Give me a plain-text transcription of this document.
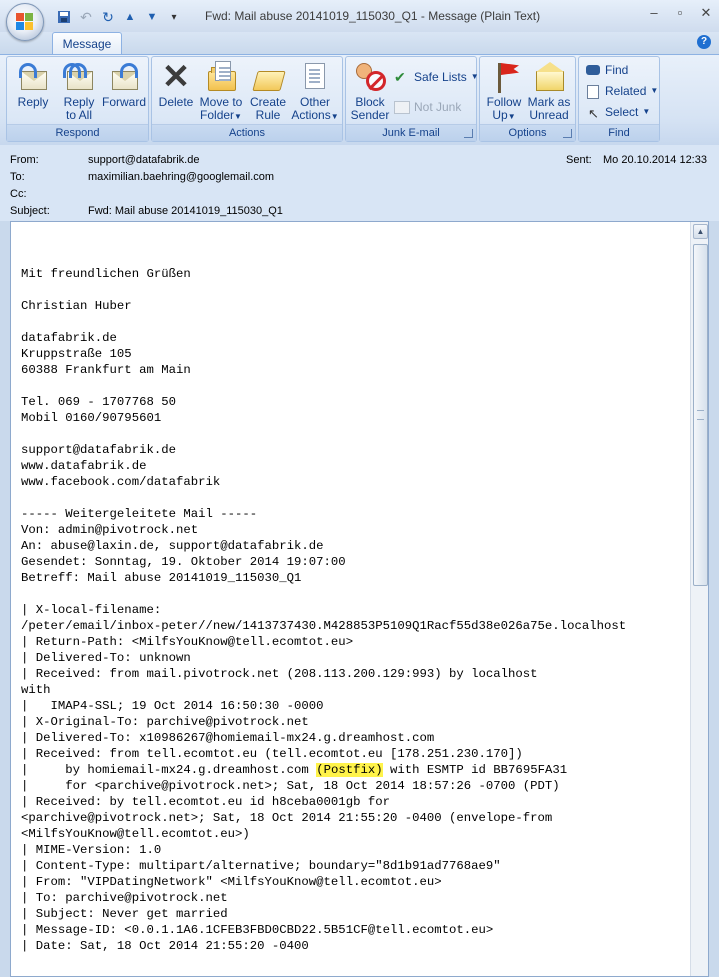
↶ ↻ ▲ ▼	▾	Fwd: Mail abuse 20141019_115030_Q1 - Message (Plain Text)	–	▫	✕
Message	?
Reply	Reply
to All
Forward
Respond
✕
Delete Move to
Folder▼
Create
Rule
Other
Actions▼
Actions
Block
Sender
✔ Safe Lists ▼
Not Junk
Junk E-mail
Follow
Up▼
Mark as
Unread
Options
Find
Related ▼
↖ Select ▼
Find
From:	support@datafabrik.de
To:	maximilian.baehring@googlemail.com
Cc:
Subject:	Fwd: Mail abuse 20141019_115030_Q1
Sent: Mo 20.10.2014 12:33
Mit freundlichen Grüßen

Christian Huber

datafabrik.de
Kruppstraße 105
60388 Frankfurt am Main

Tel. 069 - 1707768 50
Mobil 0160/90795601

support@datafabrik.de
www.datafabrik.de
www.facebook.com/datafabrik

----- Weitergeleitete Mail -----
Von: admin@pivotrock.net
An: abuse@laxin.de, support@datafabrik.de
Gesendet: Sonntag, 19. Oktober 2014 19:07:00
Betreff: Mail abuse 20141019_115030_Q1

| X-local-filename:
/peter/email/inbox-peter//new/1413737430.M428853P5109Q1Racf55d38e026a75e.localhost
| Return-Path: <MilfsYouKnow@tell.ecomtot.eu>
| Delivered-To: unknown
| Received: from mail.pivotrock.net (208.113.200.129:993) by localhost
with
|   IMAP4-SSL; 19 Oct 2014 16:50:30 -0000
| X-Original-To: parchive@pivotrock.net
| Delivered-To: x10986267@homiemail-mx24.g.dreamhost.com
| Received: from tell.ecomtot.eu (tell.ecomtot.eu [178.251.230.170])
|     by homiemail-mx24.g.dreamhost.com (Postfix) with ESMTP id BB7695FA31
|     for <parchive@pivotrock.net>; Sat, 18 Oct 2014 18:57:26 -0700 (PDT)
| Received: by tell.ecomtot.eu id h8ceba0001gb for
<parchive@pivotrock.net>; Sat, 18 Oct 2014 21:55:20 -0400 (envelope-from
<MilfsYouKnow@tell.ecomtot.eu>)
| MIME-Version: 1.0
| Content-Type: multipart/alternative; boundary="8d1b91ad7768ae9"
| From: "VIPDatingNetwork" <MilfsYouKnow@tell.ecomtot.eu>
| To: parchive@pivotrock.net
| Subject: Never get married
| Message-ID: <0.0.1.1A6.1CFEB3FBD0CBD22.5B51CF@tell.ecomtot.eu>
| Date: Sat, 18 Oct 2014 21:55:20 -0400
▲
